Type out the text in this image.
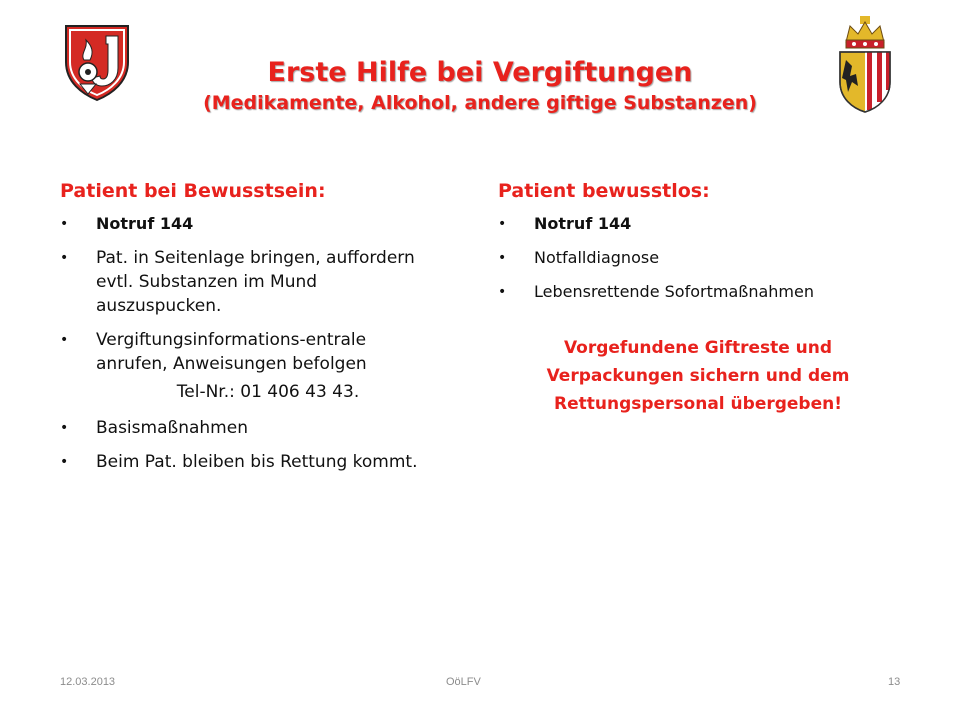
Erste Hilfe bei Vergiftungen
(Medikamente, Alkohol, andere giftige Substanzen)
Patient bei Bewusstsein:
•	Notruf 144
•	Pat. in Seitenlage bringen, auffordern evtl. Substanzen im Mund auszuspucken.
•	Vergiftungsinformations-entrale anrufen, Anweisungen befolgen
Tel-Nr.: 01 406 43 43.
•	Basismaßnahmen
•	Beim Pat. bleiben bis Rettung kommt.
Patient bewusstlos:
•	Notruf 144
•	Notfalldiagnose
•	Lebensrettende Sofortmaßnahmen
Vorgefundene Giftreste und Verpackungen sichern und dem Rettungspersonal übergeben!
12.03.2013	OöLFV	13
